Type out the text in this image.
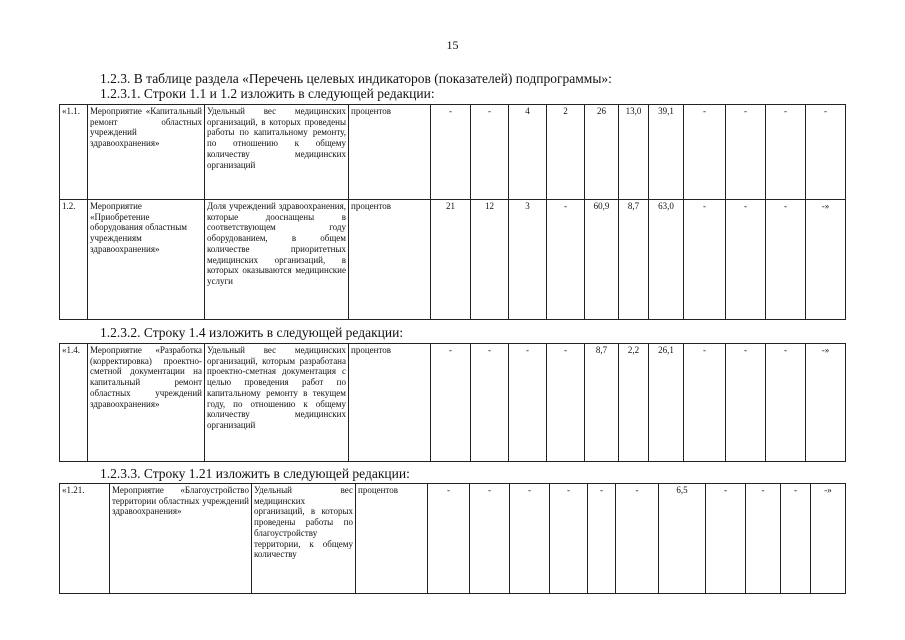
15
1.2.3. В таблице раздела «Перечень целевых индикаторов (показателей) подпрограммы»:
1.2.3.1. Строки 1.1 и 1.2 изложить в следующей редакции:
«1.1.	Мероприятие «Капитальный ремонт областных учреждений здравоохранения»	Удельный вес медицинских организаций, в которых проведены работы по капитальному ремонту, по отношению к общему количеству медицинских организаций	процентов	-	-	4	2	26	13,0	39,1	-	-	-	-
1.2.	Мероприятие «Приобретение оборудования областным учреждениям здравоохранения»	Доля учреждений здравоохранения, которые дооснащены в соответствующем году оборудованием, в общем количестве приоритетных медицинских организаций, в которых оказываются медицинские услуги	процентов	21	12	3	-	60,9	8,7	63,0	-	-	-	-»
1.2.3.2. Строку 1.4 изложить в следующей редакции:
«1.4.	Мероприятие «Разработка (корректировка) проектно-сметной документации на капитальный ремонт областных учреждений здравоохранения»	Удельный вес медицинских организаций, которым разработана проектно-сметная документация с целью проведения работ по капитальному ремонту в текущем году, по отношению к общему количеству медицинских организаций	процентов	-	-	-	-	8,7	2,2	26,1	-	-	-	-»
1.2.3.3. Строку 1.21 изложить в следующей редакции:
«1.21.	Мероприятие «Благоустройство территории областных учреждений здравоохранения»	Удельный вес медицинских организаций, в которых проведены работы по благоустройству территории, к общему количеству	процентов	-	-	-	-	-	-	6,5	-	-	-	-»
